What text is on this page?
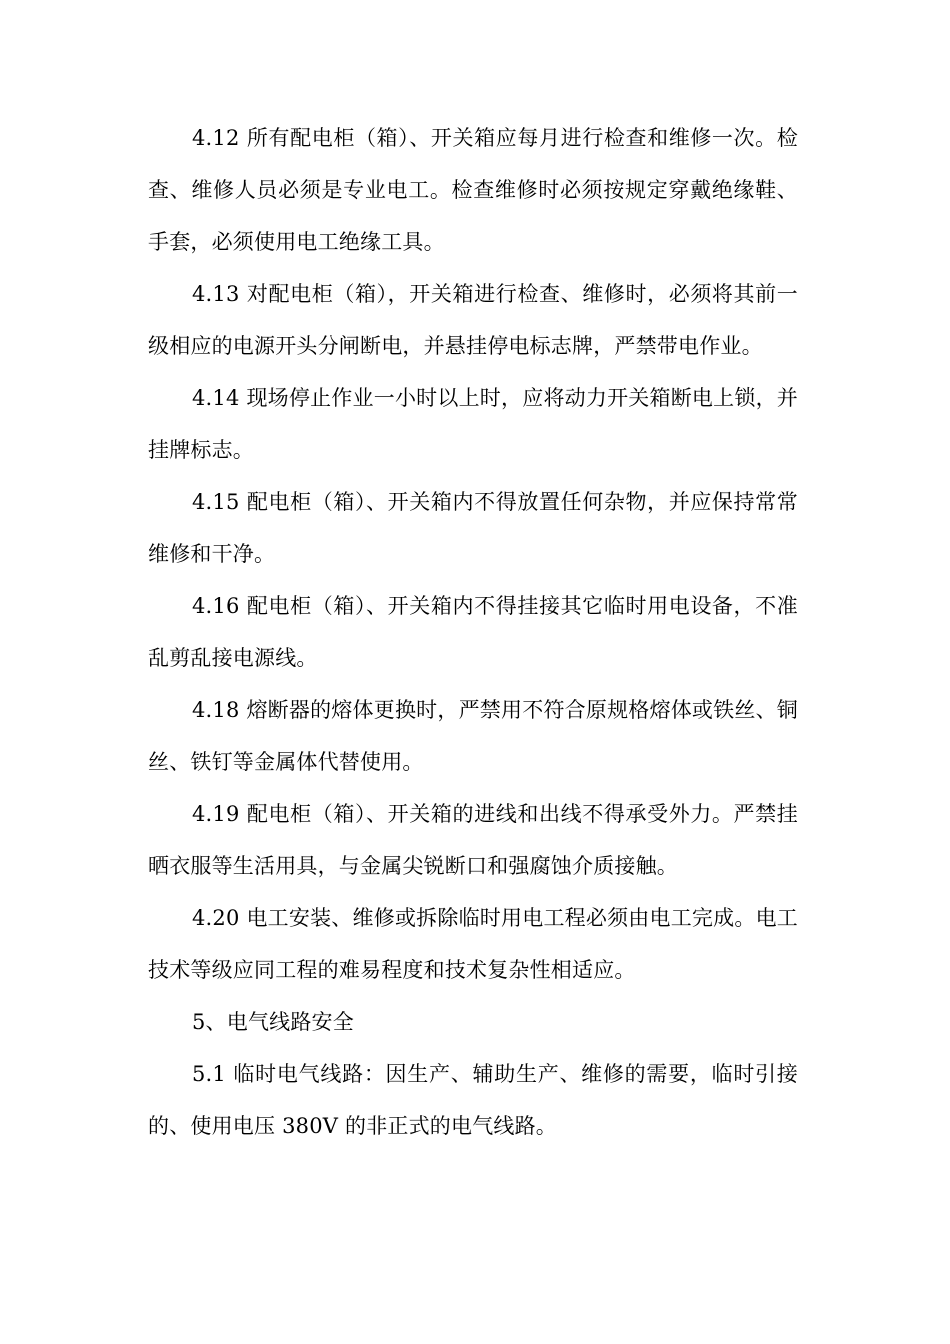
4.12 所有配电柜（箱）、开关箱应每月进行检查和维修一次。检查、维修人员必须是专业电工。检查维修时必须按规定穿戴绝缘鞋、手套，必须使用电工绝缘工具。

4.13 对配电柜（箱），开关箱进行检查、维修时，必须将其前一级相应的电源开头分闸断电，并悬挂停电标志牌，严禁带电作业。

4.14 现场停止作业一小时以上时，应将动力开关箱断电上锁，并挂牌标志。

4.15 配电柜（箱）、开关箱内不得放置任何杂物，并应保持常常维修和干净。

4.16 配电柜（箱）、开关箱内不得挂接其它临时用电设备，不准乱剪乱接电源线。

4.18 熔断器的熔体更换时，严禁用不符合原规格熔体或铁丝、铜丝、铁钉等金属体代替使用。

4.19 配电柜（箱）、开关箱的进线和出线不得承受外力。严禁挂晒衣服等生活用具，与金属尖锐断口和强腐蚀介质接触。

4.20 电工安装、维修或拆除临时用电工程必须由电工完成。电工技术等级应同工程的难易程度和技术复杂性相适应。

5、电气线路安全

5.1 临时电气线路：因生产、辅助生产、维修的需要，临时引接的、使用电压 380V 的非正式的电气线路。
